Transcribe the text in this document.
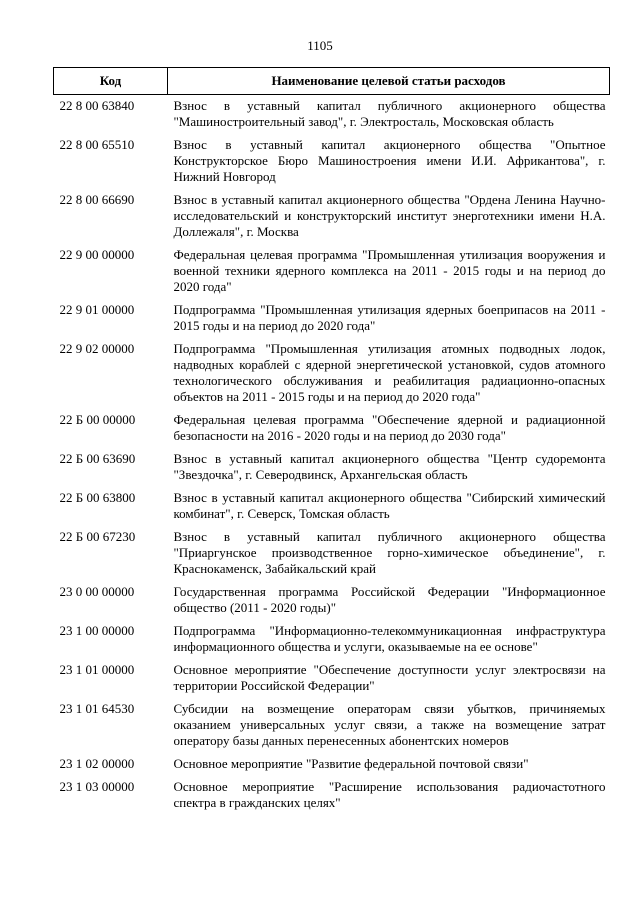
1105
Код	Наименование целевой статьи расходов
22 8 00 63840	Взнос в уставный капитал публичного акционерного общества "Машиностроительный завод", г. Электросталь, Московская область
22 8 00 65510	Взнос в уставный капитал акционерного общества "Опытное Конструкторское Бюро Машиностроения имени И.И. Африкантова", г. Нижний Новгород
22 8 00 66690	Взнос в уставный капитал акционерного общества "Ордена Ленина Научно-исследовательский и конструкторский институт энерготехники имени Н.А. Доллежаля", г. Москва
22 9 00 00000	Федеральная целевая программа "Промышленная утилизация вооружения и военной техники ядерного комплекса на 2011 - 2015 годы и на период до 2020 года"
22 9 01 00000	Подпрограмма "Промышленная утилизация ядерных боеприпасов на 2011 - 2015 годы и на период до 2020 года"
22 9 02 00000	Подпрограмма "Промышленная утилизация атомных подводных лодок, надводных кораблей с ядерной энергетической установкой, судов атомного технологического обслуживания и реабилитация радиационно-опасных объектов на 2011 - 2015 годы и на период до 2020 года"
22 Б 00 00000	Федеральная целевая программа "Обеспечение ядерной и радиационной безопасности на 2016 - 2020 годы и на период до 2030 года"
22 Б 00 63690	Взнос в уставный капитал акционерного общества "Центр судоремонта "Звездочка", г. Северодвинск, Архангельская область
22 Б 00 63800	Взнос в уставный капитал акционерного общества "Сибирский химический комбинат", г. Северск, Томская область
22 Б 00 67230	Взнос в уставный капитал публичного акционерного общества "Приаргунское производственное горно-химическое объединение", г. Краснокаменск, Забайкальский край
23 0 00 00000	Государственная программа Российской Федерации "Информационное общество (2011 - 2020 годы)"
23 1 00 00000	Подпрограмма "Информационно-телекоммуникационная инфраструктура информационного общества и услуги, оказываемые на ее основе"
23 1 01 00000	Основное мероприятие "Обеспечение доступности услуг электросвязи на территории Российской Федерации"
23 1 01 64530	Субсидии на возмещение операторам связи убытков, причиняемых оказанием универсальных услуг связи, а также на возмещение затрат оператору базы данных перенесенных абонентских номеров
23 1 02 00000	Основное мероприятие "Развитие федеральной почтовой связи"
23 1 03 00000	Основное мероприятие "Расширение использования радиочастотного спектра в гражданских целях"
